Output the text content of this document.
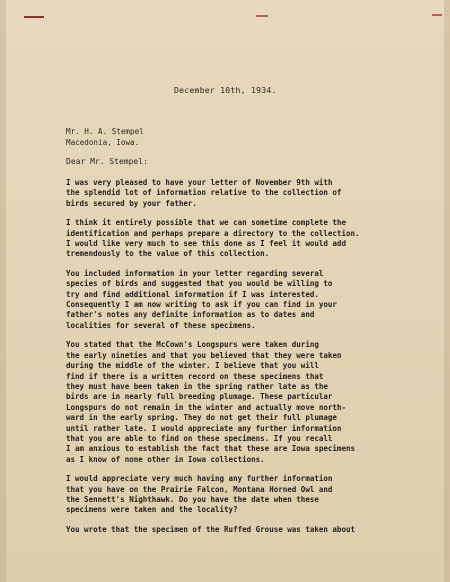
December 10th, 1934.
Mr. H. A. Stempel
Macedonia, Iowa.
Dear Mr. Stempel:
I was very pleased to have your letter of November 9th with
the splendid lot of information relative to the collection of
birds secured by your father.
I think it entirely possible that we can sometime complete the
identification and perhaps prepare a directory to the collection.
I would like very much to see this done as I feel it would add
tremendously to the value of this collection.
You included information in your letter regarding several
species of birds and suggested that you would be willing to
try and find additional information if I was interested.
Consequently I am now writing to ask if you can find in your
father's notes any definite information as to dates and
localities for several of these specimens.
You stated that the McCown's Longspurs were taken during
the early nineties and that you believed that they were taken
during the middle of the winter. I believe that you will
find if there is a written record on these specimens that
they must have been taken in the spring rather late as the
birds are in nearly full breeding plumage. These particular
Longspurs do not remain in the winter and actually move north-
ward in the early spring. They do not get their full plumage
until rather late. I would appreciate any further information
that you are able to find on these specimens. If you recall
I am anxious to establish the fact that these are Iowa specimens
as I know of none other in Iowa collections.
I would appreciate very much having any further information
that you have on the Prairie Falcon, Montana Horned Owl and
the Sennett's Nighthawk. Do you have the date when these
specimens were taken and the locality?
You wrote that the specimen of the Ruffed Grouse was taken about
